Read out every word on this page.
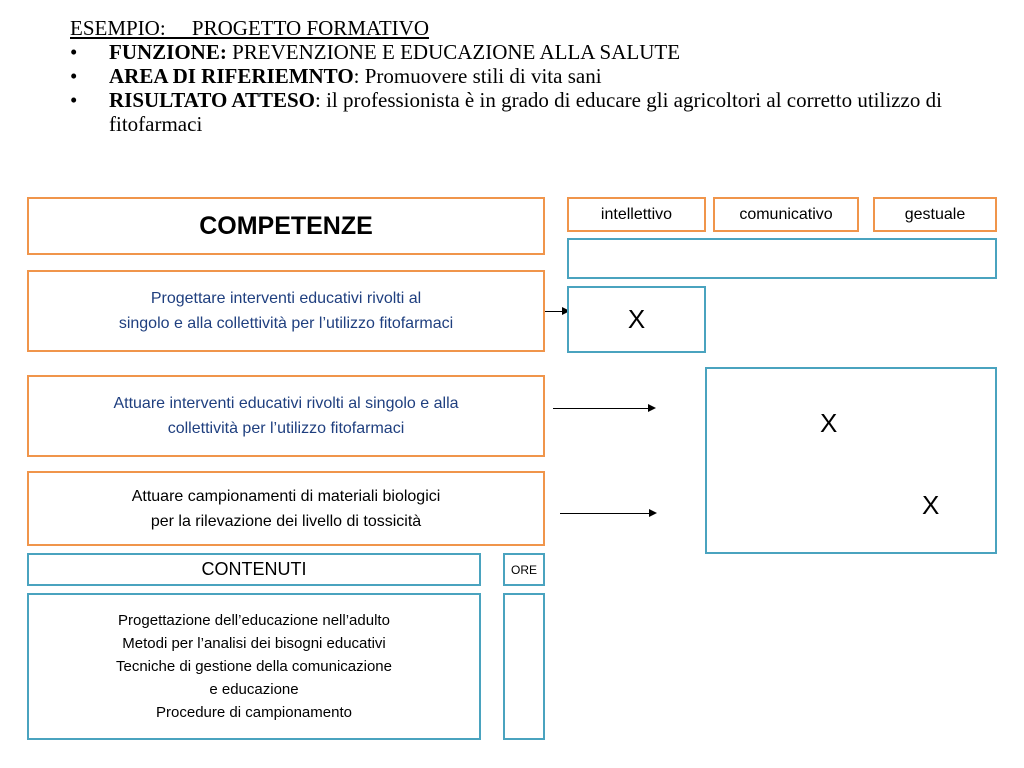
ESEMPIO:     PROGETTO FORMATIVO
• FUNZIONE: PREVENZIONE E EDUCAZIONE ALLA SALUTE
• AREA DI RIFERIEMNTO: Promuovere stili di vita sani
• RISULTATO ATTESO: il professionista è in grado di educare gli agricoltori al corretto utilizzo di fitofarmaci
COMPETENZE
Progettare interventi educativi rivolti al
singolo e alla collettività per l’utilizzo fitofarmaci
Attuare interventi educativi rivolti al singolo e alla
collettività per l’utilizzo fitofarmaci
Attuare campionamenti di materiali biologici
per la rilevazione dei livello di tossicità
intellettivo	comunicativo	gestuale
X
X
X
CONTENUTI	ORE
Progettazione dell’educazione nell’adulto
Metodi per l’analisi dei bisogni educativi
Tecniche di gestione della comunicazione
e educazione
Procedure di campionamento
